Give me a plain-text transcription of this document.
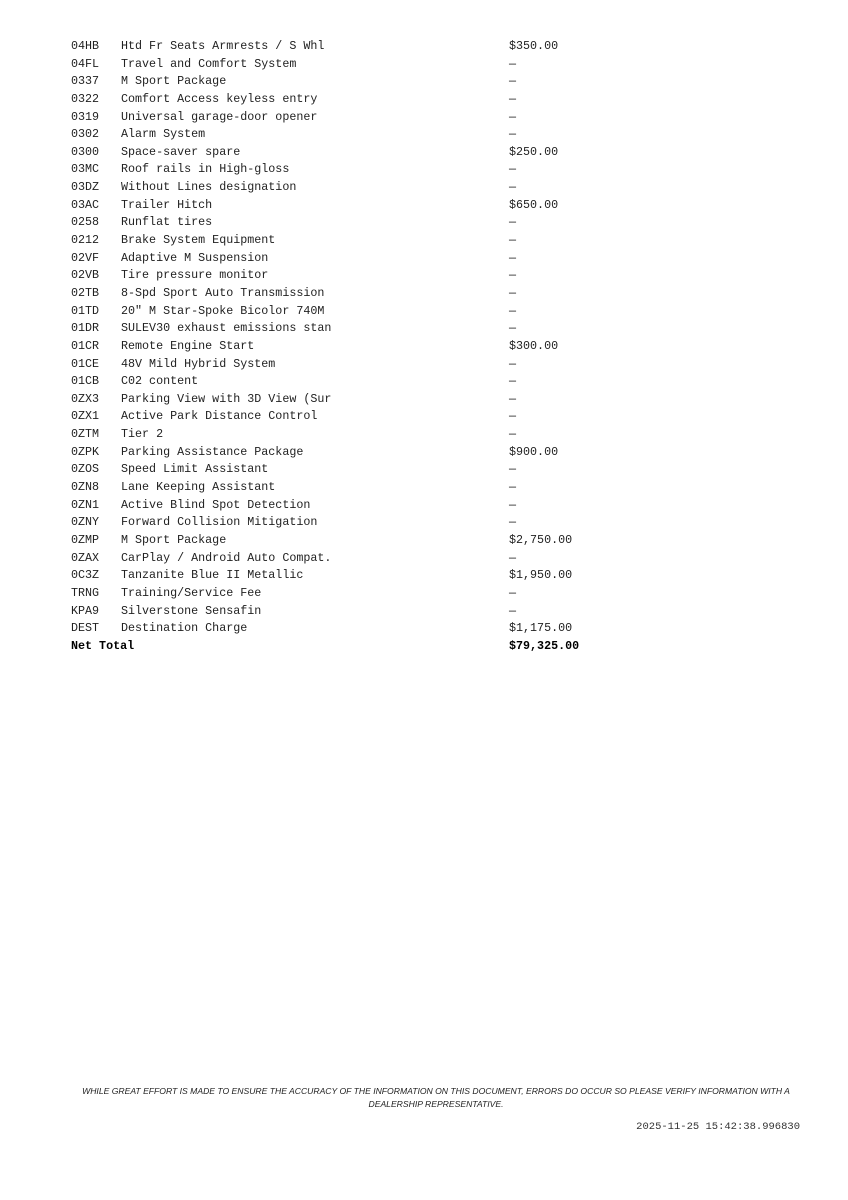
04HB Htd Fr Seats Armrests / S Whl	$350.00
04FL Travel and Comfort System	—
0337 M Sport Package	—
0322 Comfort Access keyless entry	—
0319 Universal garage-door opener	—
0302 Alarm System	—
0300 Space-saver spare	$250.00
03MC Roof rails in High-gloss	—
03DZ Without Lines designation	—
03AC Trailer Hitch	$650.00
0258 Runflat tires	—
0212 Brake System Equipment	—
02VF Adaptive M Suspension	—
02VB Tire pressure monitor	—
02TB 8-Spd Sport Auto Transmission	—
01TD 20" M Star-Spoke Bicolor 740M	—
01DR SULEV30 exhaust emissions stan	—
01CR Remote Engine Start	$300.00
01CE 48V Mild Hybrid System	—
01CB C02 content	—
0ZX3 Parking View with 3D View (Sur	—
0ZX1 Active Park Distance Control	—
0ZTM Tier 2	—
0ZPK Parking Assistance Package	$900.00
0ZOS Speed Limit Assistant	—
0ZN8 Lane Keeping Assistant	—
0ZN1 Active Blind Spot Detection	—
0ZNY Forward Collision Mitigation	—
0ZMP M Sport Package	$2,750.00
0ZAX CarPlay / Android Auto Compat.	—
0C3Z Tanzanite Blue II Metallic	$1,950.00
TRNG Training/Service Fee	—
KPA9 Silverstone Sensafin	—
DEST Destination Charge	$1,175.00
Net Total	$79,325.00
WHILE GREAT EFFORT IS MADE TO ENSURE THE ACCURACY OF THE INFORMATION ON THIS DOCUMENT, ERRORS DO OCCUR SO PLEASE VERIFY INFORMATION WITH A DEALERSHIP REPRESENTATIVE.
2025-11-25 15:42:38.996830
